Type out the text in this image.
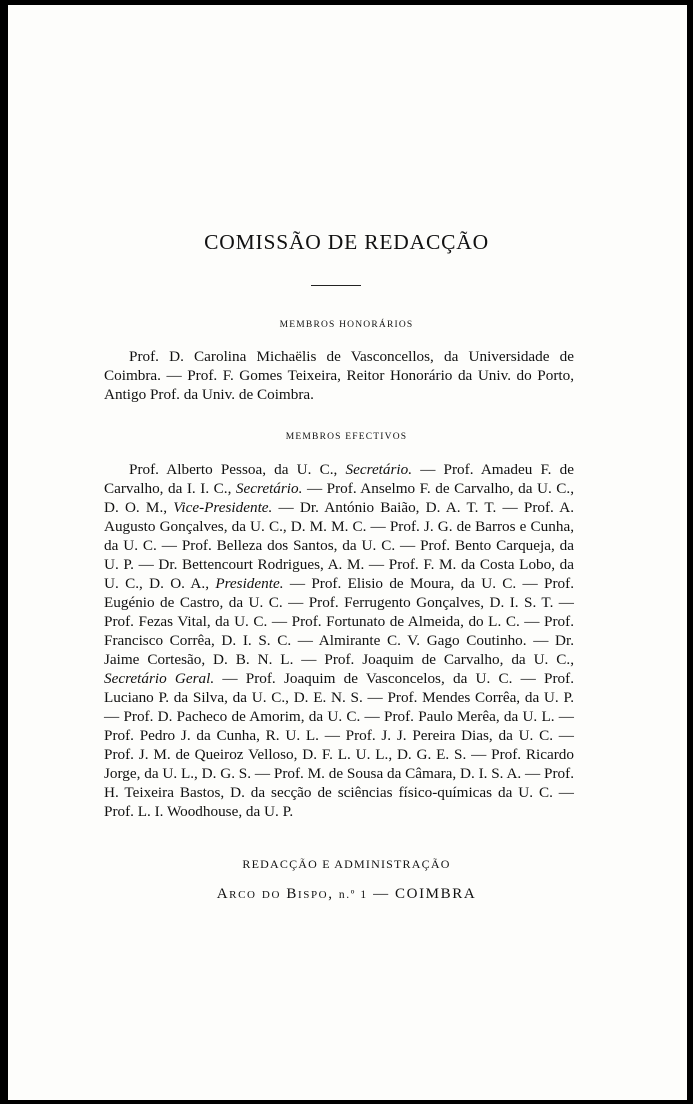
COMISSÃO DE REDACÇÃO
MEMBROS HONORÁRIOS

Prof. D. Carolina Michaëlis de Vasconcellos, da Universidade de Coimbra. — Prof. F. Gomes Teixeira, Reitor Honorário da Univ. do Porto, Antigo Prof. da Univ. de Coimbra.

MEMBROS EFECTIVOS

Prof. Alberto Pessoa, da U. C., Secretário. — Prof. Amadeu F. de Carvalho, da I. I. C., Secretário. — Prof. Anselmo F. de Carvalho, da U. C., D. O. M., Vice-Presidente. — Dr. António Baião, D. A. T. T. — Prof. A. Augusto Gonçalves, da U. C., D. M. M. C. — Prof. J. G. de Barros e Cunha, da U. C. — Prof. Belleza dos Santos, da U. C. — Prof. Bento Carqueja, da U. P. — Dr. Bettencourt Rodrigues, A. M. — Prof. F. M. da Costa Lobo, da U. C., D. O. A., Presidente. — Prof. Elisio de Moura, da U. C. — Prof. Eugénio de Castro, da U. C. — Prof. Ferrugento Gonçalves, D. I. S. T. — Prof. Fezas Vital, da U. C. — Prof. Fortunato de Almeida, do L. C. — Prof. Francisco Corrêa, D. I. S. C. — Almirante C. V. Gago Coutinho. — Dr. Jaime Cortesão, D. B. N. L. — Prof. Joaquim de Carvalho, da U. C., Secretário Geral. — Prof. Joaquim de Vasconcelos, da U. C. — Prof. Luciano P. da Silva, da U. C., D. E. N. S. — Prof. Mendes Corrêa, da U. P. — Prof. D. Pacheco de Amorim, da U. C. — Prof. Paulo Merêa, da U. L. — Prof. Pedro J. da Cunha, R. U. L. — Prof. J. J. Pereira Dias, da U. C. — Prof. J. M. de Queiroz Velloso, D. F. L. U. L., D. G. E. S. — Prof. Ricardo Jorge, da U. L., D. G. S. — Prof. M. de Sousa da Câmara, D. I. S. A. — Prof. H. Teixeira Bastos, D. da secção de sciências físico-químicas da U. C. — Prof. L. I. Woodhouse, da U. P.

REDACÇÃO E ADMINISTRAÇÃO
Arco do Bispo, n.º 1 — COIMBRA
